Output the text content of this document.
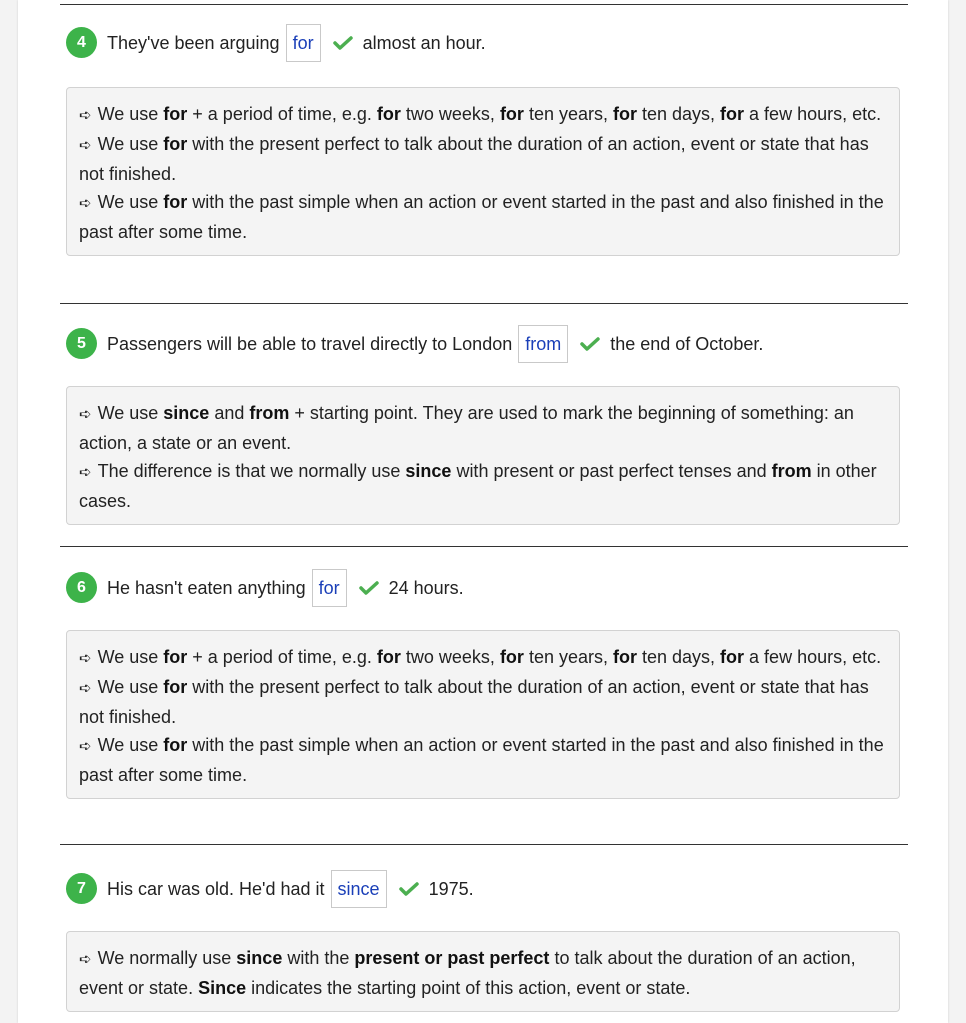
4	They've been arguing for	almost an hour.

➪ We use for + a period of time, e.g. for two weeks, for ten years, for ten days, for a few hours, etc.

➪ We use for with the present perfect to talk about the duration of an action, event or state that has not finished.

➪ We use for with the past simple when an action or event started in the past and also finished in the past after some time.

5	Passengers will be able to travel directly to London from	the end of October.

➪ We use since and from + starting point. They are used to mark the beginning of something: an action, a state or an event.

➪ The difference is that we normally use since with present or past perfect tenses and from in other cases.

6	He hasn't eaten anything for	24 hours.

➪ We use for + a period of time, e.g. for two weeks, for ten years, for ten days, for a few hours, etc.

➪ We use for with the present perfect to talk about the duration of an action, event or state that has not finished.

➪ We use for with the past simple when an action or event started in the past and also finished in the past after some time.

7	His car was old. He'd had it since	1975.

➪ We normally use since with the present or past perfect to talk about the duration of an action, event or state. Since indicates the starting point of this action, event or state.
